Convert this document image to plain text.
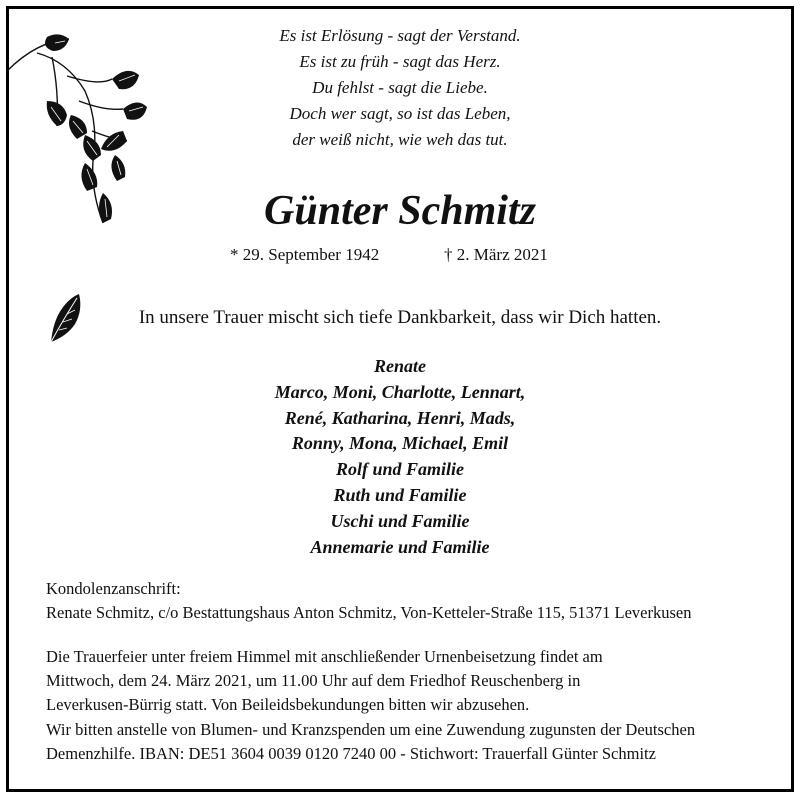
Es ist Erlösung - sagt der Verstand.
Es ist zu früh - sagt das Herz.
Du fehlst - sagt die Liebe.
Doch wer sagt, so ist das Leben,
der weiß nicht, wie weh das tut.
Günter Schmitz
* 29. September 1942	† 2. März 2021
In unsere Trauer mischt sich tiefe Dankbarkeit, dass wir Dich hatten.
Renate
Marco, Moni, Charlotte, Lennart,
René, Katharina, Henri, Mads,
Ronny, Mona, Michael, Emil
Rolf und Familie
Ruth und Familie
Uschi und Familie
Annemarie und Familie
Kondolenzanschrift:
Renate Schmitz, c/o Bestattungshaus Anton Schmitz, Von-Ketteler-Straße 115, 51371 Leverkusen
Die Trauerfeier unter freiem Himmel mit anschließender Urnenbeisetzung findet am
Mittwoch, dem 24. März 2021, um 11.00 Uhr auf dem Friedhof Reuschenberg in
Leverkusen-Bürrig statt. Von Beileidsbekundungen bitten wir abzusehen.
Wir bitten anstelle von Blumen- und Kranzspenden um eine Zuwendung zugunsten der Deutschen
Demenzhilfe. IBAN: DE51 3604 0039 0120 7240 00 - Stichwort: Trauerfall Günter Schmitz
